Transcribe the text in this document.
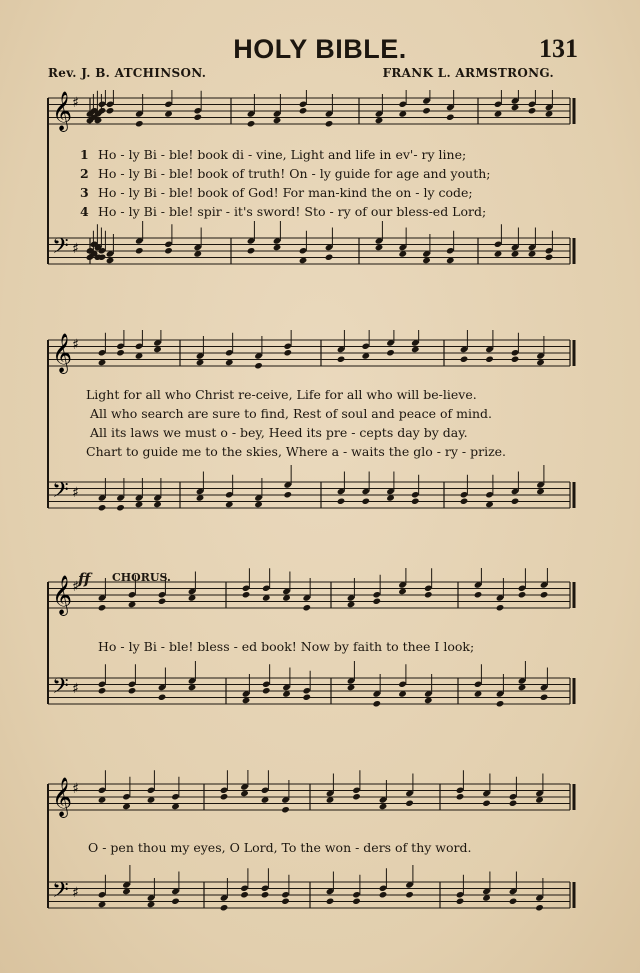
HOLY BIBLE.	131
Rev. J. B. ATCHINSON.	FRANK L. ARMSTRONG.
𝄞
𝄢
♯
♯
1 Ho - ly Bi - ble! book di - vine, Light and life in ev'- ry line;
2 Ho - ly Bi - ble! book of truth! On - ly guide for age and youth;
3 Ho - ly Bi - ble! book of God! For man-kind the on - ly code;
4 Ho - ly Bi - ble! spir - it's sword! Sto - ry of our bless-ed Lord;
𝄞
𝄢
♯
♯
Light for all who Christ re-ceive, Life for all who will be-lieve.
All who search are sure to find, Rest of soul and peace of mind.
All its laws we must o - bey, Heed its pre - cepts day by day.
Chart to guide me to the skies, Where a - waits the glo - ry - prize.
𝄞
𝄢
♯
♯
ff CHORUS.
Ho - ly Bi - ble! bless - ed book! Now by faith to thee I look;
𝄞
𝄢
♯
♯
O - pen thou my eyes, O Lord, To the won - ders of thy word.
